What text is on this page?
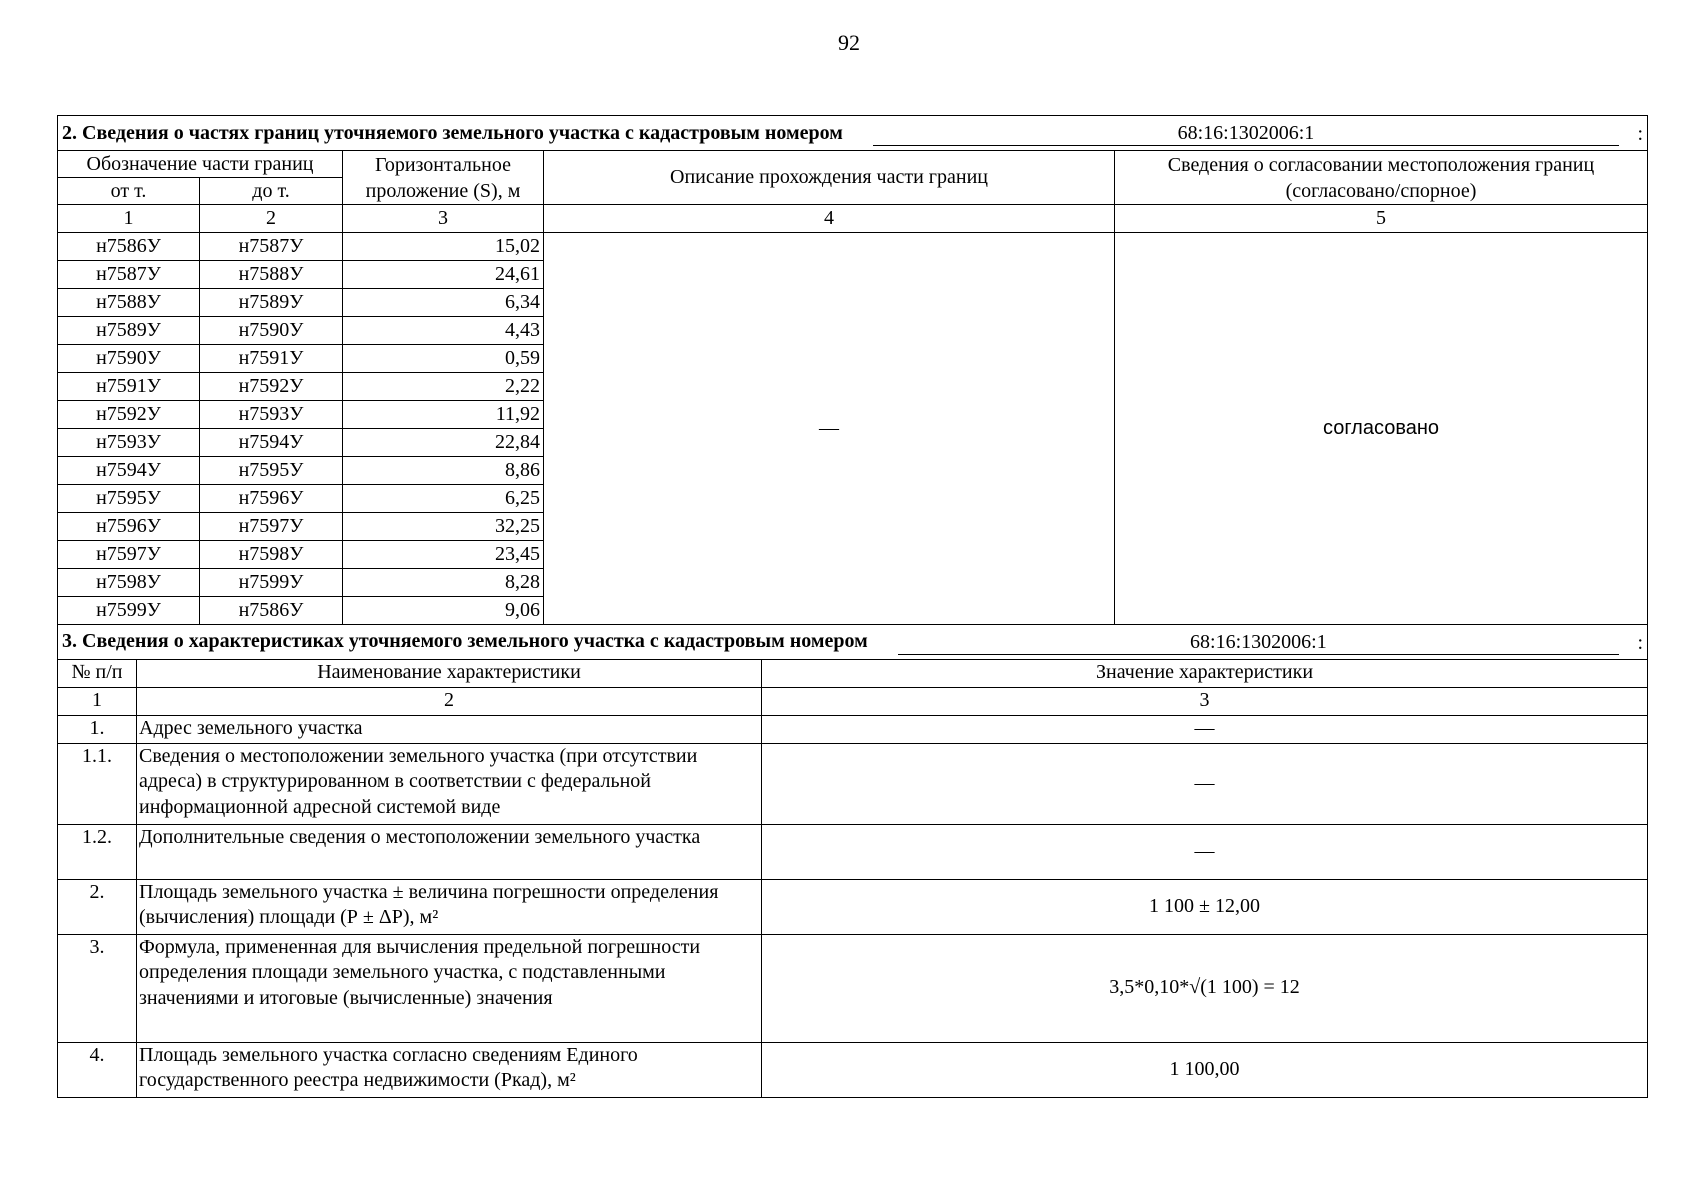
92
2. Сведения о частях границ уточняемого земельного участка с кадастровым номером 68:16:1302006:1 :				

Обозначение части границ		Горизонтальное проложение (S), м	Описание прохождения части границ	Сведения о согласовании местоположения границ (согласовано/спорное)
от т.	до т.			
1	2	3	4	5
н7586У	н7587У	15,02	—	согласовано
н7587У	н7588У	24,61		
н7588У	н7589У	6,34		
н7589У	н7590У	4,43		
н7590У	н7591У	0,59		
н7591У	н7592У	2,22		
н7592У	н7593У	11,92		
н7593У	н7594У	22,84		
н7594У	н7595У	8,86		
н7595У	н7596У	6,25		
н7596У	н7597У	32,25		
н7597У	н7598У	23,45		
н7598У	н7599У	8,28		
н7599У	н7586У	9,06		
3. Сведения о характеристиках уточняемого земельного участка с кадастровым номером 68:16:1302006:1 :		

№ п/п	Наименование характеристики	Значение характеристики
1	2	3
1.	Адрес земельного участка	—
1.1.	Сведения о местоположении земельного участка (при отсутствии адреса) в структурированном в соответствии с федеральной информационной адресной системой виде	—
1.2.	Дополнительные сведения о местоположении земельного участка	—
2.	Площадь земельного участка ± величина погрешности определения (вычисления) площади (Р ± ΔР), м²	1 100 ± 12,00
3.	Формула, примененная для вычисления предельной погрешности определения площади земельного участка, с подставленными значениями и итоговые (вычисленные) значения	3,5*0,10*√(1 100) = 12
4.	Площадь земельного участка согласно сведениям Единого государственного реестра недвижимости (Ркад), м²	1 100,00
